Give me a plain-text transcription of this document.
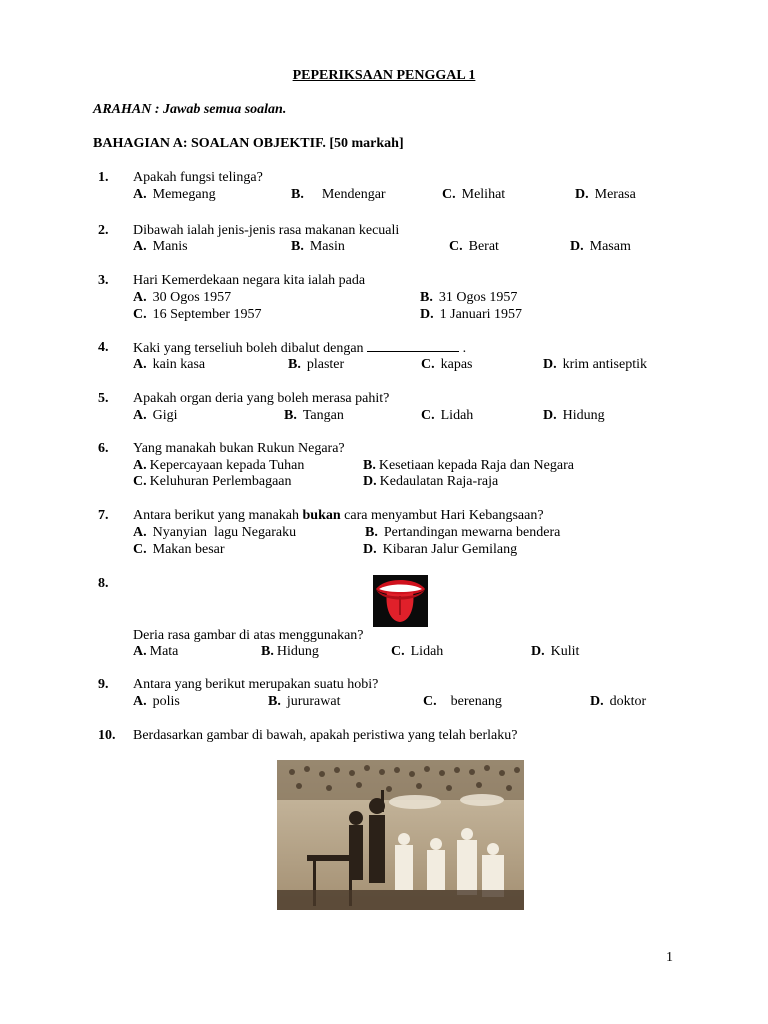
PEPERIKSAAN PENGGAL 1
ARAHAN : Jawab semua soalan.
BAHAGIAN A: SOALAN OBJEKTIF. [50 markah]
1. Apakah fungsi telinga?
A. Memegang	B. Mendengar	C. Melihat	D. Merasa
2. Dibawah ialah jenis-jenis rasa makanan kecuali
A. Manis	B. Masin	C. Berat	D. Masam
3. Hari Kemerdekaan negara kita ialah pada
A. 30 Ogos 1957	B. 31 Ogos 1957
C. 16 September 1957	D. 1 Januari 1957
4. Kaki yang terseliuh boleh dibalut dengan	.
A. kain kasa	B. plaster	C. kapas	D. krim antiseptik
5. Apakah organ deria yang boleh merasa pahit?
A. Gigi	B. Tangan	C. Lidah	D. Hidung
6. Yang manakah bukan Rukun Negara?
A. Kepercayaan kepada Tuhan	B. Kesetiaan kepada Raja dan Negara
C. Keluhuran Perlembagaan	D. Kedaulatan Raja-raja
7. Antara berikut yang manakah bukan cara menyambut Hari Kebangsaan?
A. Nyanyian  lagu Negaraku	B. Pertandingan mewarna bendera
C. Makan besar	D. Kibaran Jalur Gemilang
8.
Deria rasa gambar di atas menggunakan?
A. Mata	B. Hidung	C. Lidah	D. Kulit
9. Antara yang berikut merupakan suatu hobi?
A. polis	B. jururawat	C. berenang	D. doktor
10. Berdasarkan gambar di bawah, apakah peristiwa yang telah berlaku?
1
